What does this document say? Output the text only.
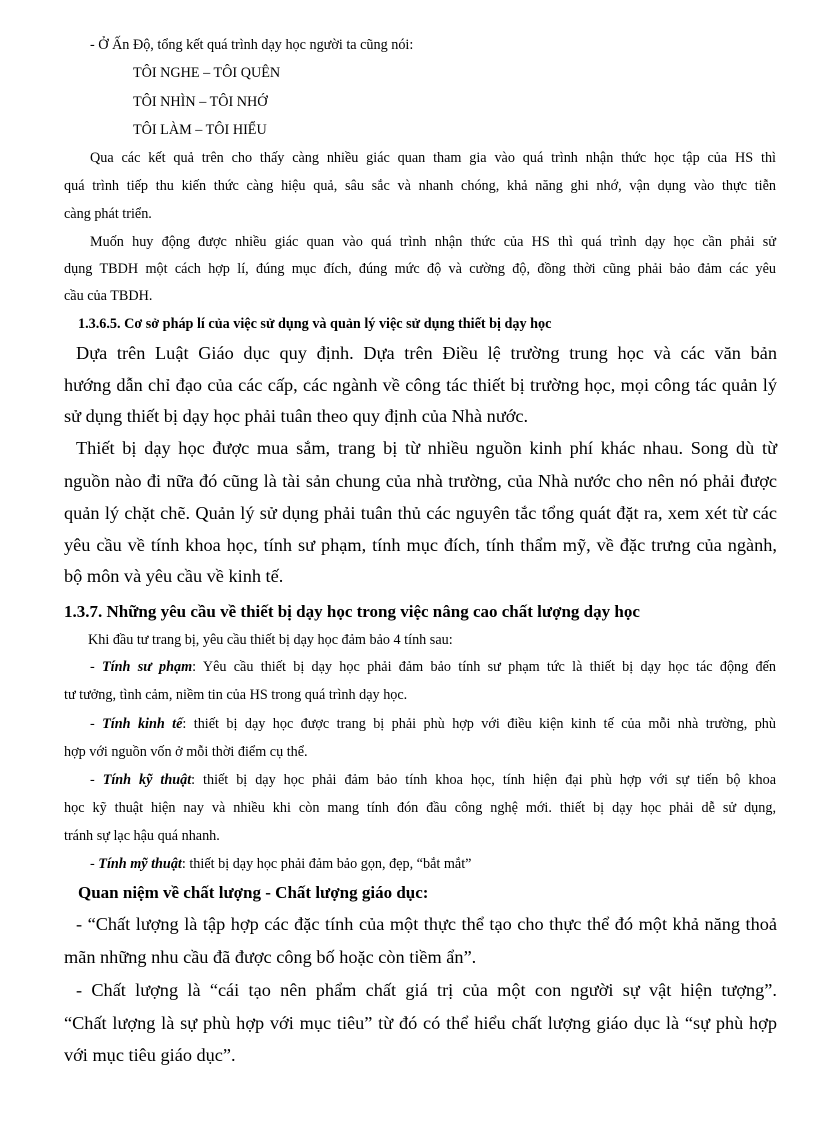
- Ở Ấn Độ, tổng kết quá trình dạy học người ta cũng nói:

TÔI NGHE – TÔI QUÊN

TÔI NHÌN – TÔI NHỚ

TÔI LÀM – TÔI HIỂU

Qua các kết quả trên cho thấy càng nhiều giác quan tham gia vào quá trình nhận thức học tập của HS thì

quá trình tiếp thu kiến thức càng hiệu quả, sâu sắc và nhanh chóng, khả năng ghi nhớ, vận dụng vào thực tiễn

càng phát triển.

Muốn huy động được nhiều giác quan vào quá trình nhận thức của HS thì quá trình dạy học cần phải sử

dụng TBDH một cách hợp lí, đúng mục đích, đúng mức độ và cường độ, đồng thời cũng phải bảo đảm các yêu

cầu của TBDH.

1.3.6.5. Cơ sở pháp lí của việc sử dụng và quản lý việc sử dụng thiết bị dạy học

Dựa trên Luật Giáo dục quy định. Dựa trên Điều lệ trường trung học và các văn bản

hướng dẫn chỉ đạo của các cấp, các ngành về công tác thiết bị trường học, mọi công tác quản lý

sử dụng thiết bị dạy học phải tuân theo quy định của Nhà nước.

Thiết bị dạy học được mua sắm, trang bị từ nhiều nguồn kinh phí khác nhau. Song dù từ

nguồn nào đi nữa đó cũng là tài sản chung của nhà trường, của Nhà nước cho nên nó phải được

quản lý chặt chẽ. Quản lý sử dụng phải tuân thủ các nguyên tắc tổng quát đặt ra, xem xét từ các

yêu cầu về tính khoa học, tính sư phạm, tính mục đích, tính thẩm mỹ, về đặc trưng của ngành,

bộ môn và yêu cầu về kinh tế.

1.3.7. Những yêu cầu về thiết bị dạy học trong việc nâng cao chất lượng dạy học

Khi đầu tư trang bị, yêu cầu thiết bị dạy học đảm bảo 4 tính sau:

- Tính sư phạm: Yêu cầu thiết bị dạy học phải đảm bảo tính sư phạm tức là thiết bị dạy học tác động đến

tư tưởng, tình cảm, niềm tin của HS trong quá trình dạy học.

- Tính kinh tế: thiết bị dạy học được trang bị phải phù hợp với điều kiện kinh tế của mỗi nhà trường, phù

hợp với nguồn vốn ở mỗi thời điểm cụ thể.

- Tính kỹ thuật: thiết bị dạy học phải đảm bảo tính khoa học, tính hiện đại phù hợp với sự tiến bộ khoa

học kỹ thuật hiện nay và nhiều khi còn mang tính đón đầu công nghệ mới. thiết bị dạy học phải dễ sử dụng,

tránh sự lạc hậu quá nhanh.

- Tính mỹ thuật: thiết bị dạy học phải đảm bảo gọn, đẹp, “bắt mắt”

Quan niệm về chất lượng - Chất lượng giáo dục:

- “Chất lượng là tập hợp các đặc tính của một thực thể tạo cho thực thể đó một khả năng thoả

mãn những nhu cầu đã được công bố hoặc còn tiềm ẩn”.

- Chất lượng là “cái tạo nên phẩm chất giá trị của một con người sự vật hiện tượng”.

“Chất lượng là sự phù hợp với mục tiêu” từ đó có thể hiểu chất lượng giáo dục là “sự phù hợp

với mục tiêu giáo dục”.
